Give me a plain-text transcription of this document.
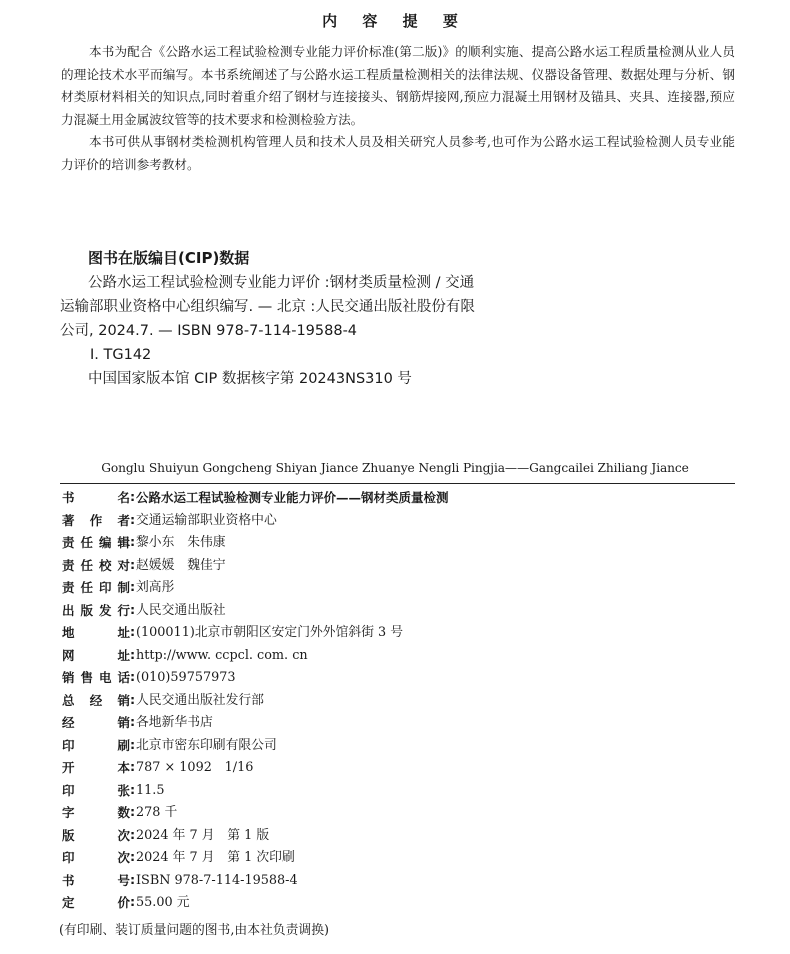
内 容 提 要

本书为配合《公路水运工程试验检测专业能力评价标准(第二版)》的顺利实施、提高公路水运工程质量检测从业人员的理论技术水平而编写。本书系统阐述了与公路水运工程质量检测相关的法律法规、仪器设备管理、数据处理与分析、钢材类原材料相关的知识点,同时着重介绍了钢材与连接接头、钢筋焊接网,预应力混凝土用钢材及锚具、夹具、连接器,预应力混凝土用金属波纹管等的技术要求和检测检验方法。

本书可供从事钢材类检测机构管理人员和技术人员及相关研究人员参考,也可作为公路水运工程试验检测人员专业能力评价的培训参考教材。

图书在版编目(CIP)数据

公路水运工程试验检测专业能力评价 :钢材类质量检测 / 交通运输部职业资格中心组织编写. — 北京 :人民交通出版社股份有限公司, 2024.7. — ISBN 978-7-114-19588-4

Ⅰ. TG142
中国国家版本馆 CIP 数据核字第 20243NS310 号
Gonglu Shuiyun Gongcheng Shiyan Jiance Zhuanye Nengli Pingjia——Gangcailei Zhiliang Jiance
书	名 : 公路水运工程试验检测专业能力评价——钢材类质量检测
著 作 者 : 交通运输部职业资格中心
责 任 编 辑 : 黎小东　朱伟康
责 任 校 对 : 赵媛媛　魏佳宁
责 任 印 制 : 刘高彤
出 版 发 行 : 人民交通出版社
地	址 : (100011)北京市朝阳区安定门外外馆斜街 3 号
网	址 : http://www. ccpcl. com. cn
销 售 电 话 : (010)59757973
总 经 销 : 人民交通出版社发行部
经	销 : 各地新华书店
印	刷 : 北京市密东印刷有限公司
开	本 : 787 × 1092　1/16
印	张 : 11.5
字	数 : 278 千
版	次 : 2024 年 7 月　第 1 版
印	次 : 2024 年 7 月　第 1 次印刷
书	号 : ISBN 978-7-114-19588-4
定	价 : 55.00 元
(有印刷、装订质量问题的图书,由本社负责调换)
